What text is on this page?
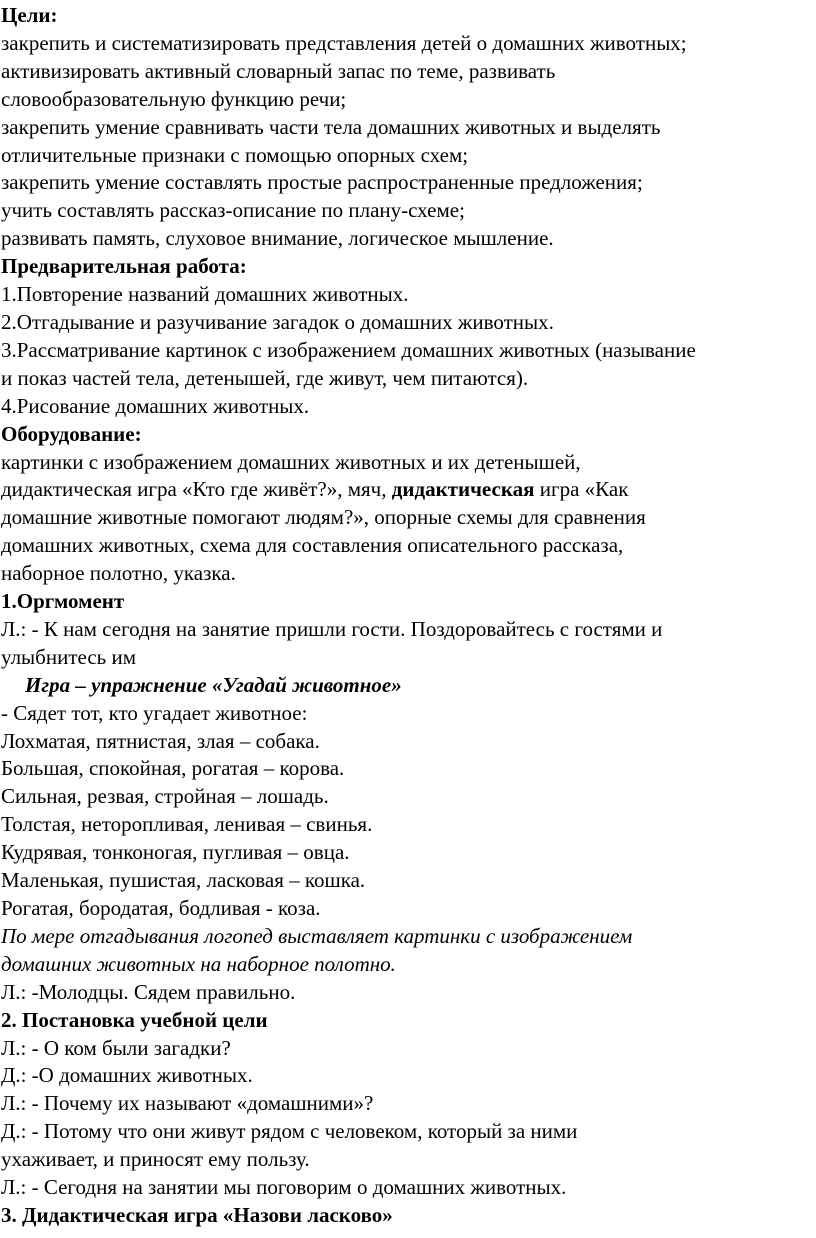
Цели:
закрепить и систематизировать представления детей о домашних животных;
активизировать активный словарный запас по теме, развивать
словообразовательную функцию речи;
закрепить умение сравнивать части тела домашних животных и выделять
отличительные признаки с помощью опорных схем;
закрепить умение составлять простые распространенные предложения;
учить составлять рассказ-описание по плану-схеме;
развивать память, слуховое внимание, логическое мышление.
Предварительная работа:
1.Повторение названий домашних животных.
2.Отгадывание и разучивание загадок о домашних животных.
3.Рассматривание картинок с изображением домашних животных (называние
и показ частей тела, детенышей, где живут, чем питаются).
4.Рисование домашних животных.
Оборудование:
картинки с изображением домашних животных и их детенышей,
дидактическая игра «Кто где живёт?», мяч, дидактическая игра «Как
домашние животные помогают людям?», опорные схемы для сравнения
домашних животных, схема для составления описательного рассказа,
наборное полотно, указка.
1.Оргмомент
Л.: - К нам сегодня на занятие пришли гости. Поздоровайтесь с гостями и
улыбнитесь им
Игра – упражнение «Угадай животное»
- Сядет тот, кто угадает животное:
Лохматая, пятнистая, злая – собака.
Большая, спокойная, рогатая – корова.
Сильная, резвая, стройная – лошадь.
Толстая, неторопливая, ленивая – свинья.
Кудрявая, тонконогая, пугливая – овца.
Маленькая, пушистая, ласковая – кошка.
Рогатая, бородатая, бодливая - коза.
По мере отгадывания логопед выставляет картинки с изображением
домашних животных на наборное полотно.
Л.: -Молодцы. Сядем правильно.
2. Постановка учебной цели
Л.: - О ком были загадки?
Д.: -О домашних животных.
Л.: - Почему их называют «домашними»?
Д.: - Потому что они живут рядом с человеком, который за ними
ухаживает, и приносят ему пользу.
Л.: - Сегодня на занятии мы поговорим о домашних животных.
3. Дидактическая игра «Назови ласково»
